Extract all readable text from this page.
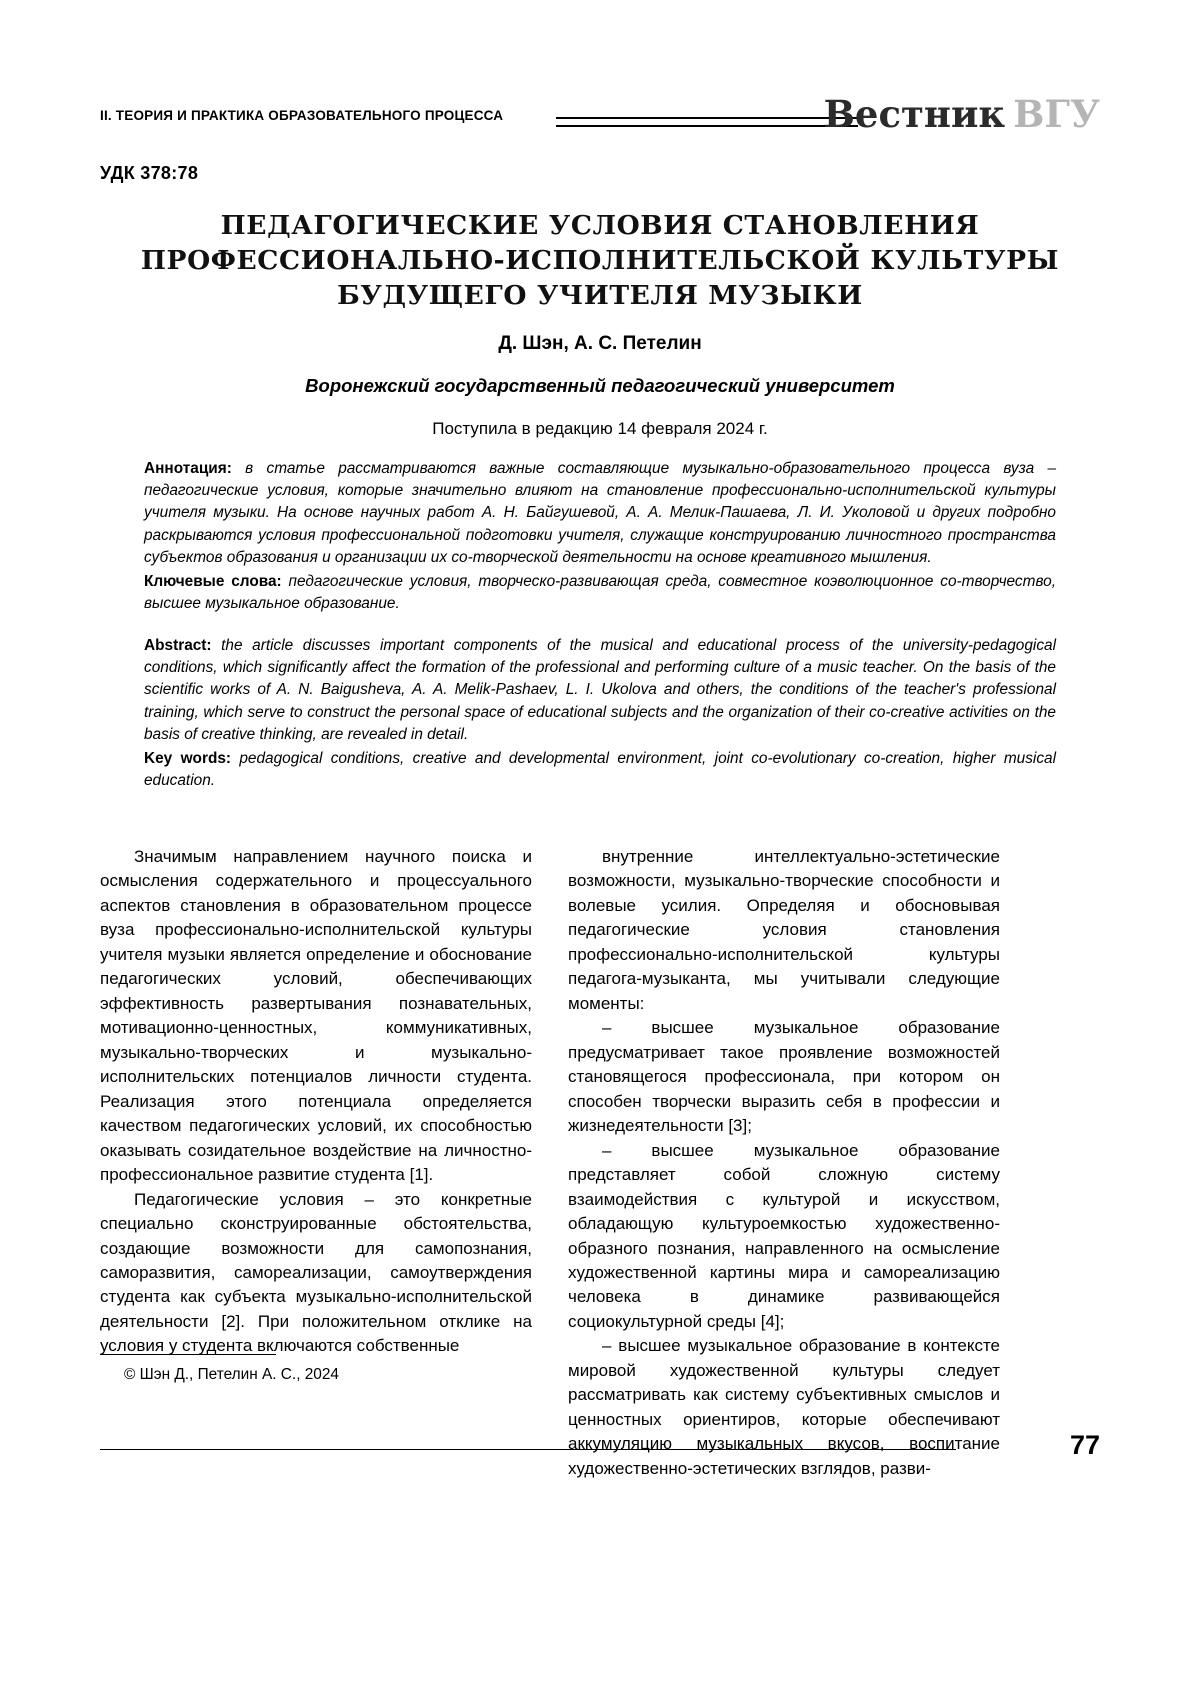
II. ТЕОРИЯ И ПРАКТИКА ОБРАЗОВАТЕЛЬНОГО ПРОЦЕССА	Вестник ВГУ
УДК 378:78
ПЕДАГОГИЧЕСКИЕ УСЛОВИЯ СТАНОВЛЕНИЯ
ПРОФЕССИОНАЛЬНО-ИСПОЛНИТЕЛЬСКОЙ КУЛЬТУРЫ
БУДУЩЕГО УЧИТЕЛЯ МУЗЫКИ
Д. Шэн, А. С. Петелин
Воронежский государственный педагогический университет
Поступила в редакцию 14 февраля 2024 г.
Аннотация: в статье рассматриваются важные составляющие музыкально-образовательного процесса вуза – педагогические условия, которые значительно влияют на становление профессионально-исполнительской культуры учителя музыки. На основе научных работ А. Н. Байгушевой, А. А. Мелик-Пашаева, Л. И. Уколовой и других подробно раскрываются условия профессиональной подготовки учителя, служащие конструированию личностного пространства субъектов образования и организации их со-творческой деятельности на основе креативного мышления.
Ключевые слова: педагогические условия, творческо-развивающая среда, совместное коэволюционное со-творчество, высшее музыкальное образование.
Abstract: the article discusses important components of the musical and educational process of the university-pedagogical conditions, which significantly affect the formation of the professional and performing culture of a music teacher. On the basis of the scientific works of A. N. Baigusheva, A. A. Melik-Pashaev, L. I. Ukolova and others, the conditions of the teacher's professional training, which serve to construct the personal space of educational subjects and the organization of their co-creative activities on the basis of creative thinking, are revealed in detail.
Key words: pedagogical conditions, creative and developmental environment, joint co-evolutionary co-creation, higher musical education.

Значимым направлением научного поиска и осмысления содержательного и процессуального аспектов становления в образовательном процессе вуза профессионально-исполнительской культуры учителя музыки является определение и обоснование педагогических условий, обеспечивающих эффективность развертывания познавательных, мотивационно-ценностных, коммуникативных, музыкально-творческих и музыкально-исполнительских потенциалов личности студента. Реализация этого потенциала определяется качеством педагогических условий, их способностью оказывать созидательное воздействие на личностно-профессиональное развитие студента [1].

Педагогические условия – это конкретные специально сконструированные обстоятельства, создающие возможности для самопознания, саморазвития, самореализации, самоутверждения студента как субъекта музыкально-исполнительской деятельности [2]. При положительном отклике на условия у студента включаются собственные

внутренние интеллектуально-эстетические возможности, музыкально-творческие способности и волевые усилия. Определяя и обосновывая педагогические условия становления профессионально-исполнительской культуры педагога-музыканта, мы учитывали следующие моменты:

– высшее музыкальное образование предусматривает такое проявление возможностей становящегося профессионала, при котором он способен творчески выразить себя в профессии и жизнедеятельности [3];

– высшее музыкальное образование представляет собой сложную систему взаимодействия с культурой и искусством, обладающую культуроемкостью художественно-образного познания, направленного на осмысление художественной картины мира и самореализацию человека в динамике развивающейся социокультурной среды [4];

– высшее музыкальное образование в контексте мировой художественной культуры следует рассматривать как систему субъективных смыслов и ценностных ориентиров, которые обеспечивают аккумуляцию музыкальных вкусов, воспитание художественно-эстетических взглядов, разви-

© Шэн Д., Петелин А. С., 2024
77
